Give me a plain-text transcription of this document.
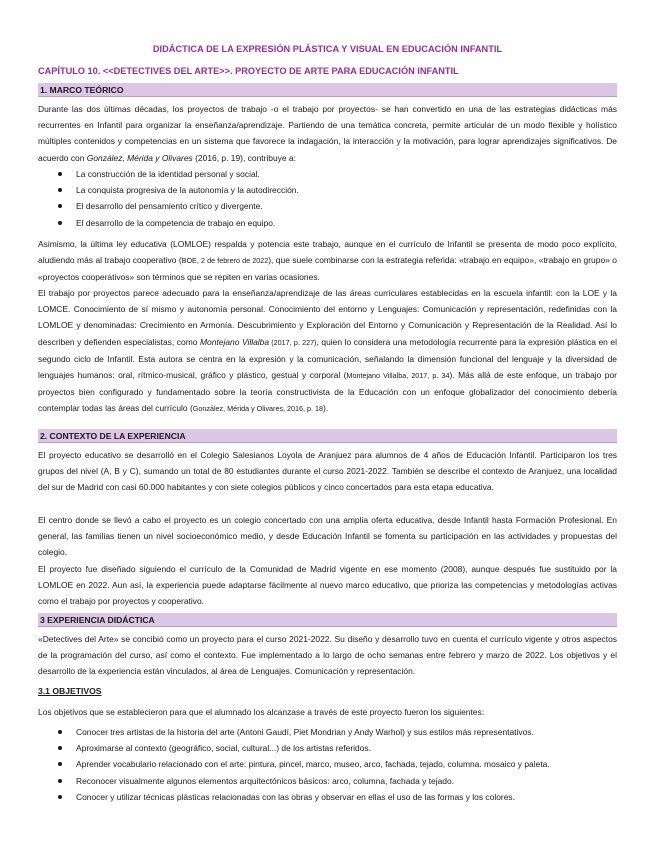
DIDÁCTICA DE LA EXPRESIÓN PLÁSTICA Y VISUAL EN EDUCACIÓN INFANTIL
CAPÍTULO 10. <<DETECTIVES DEL ARTE>>. PROYECTO DE ARTE PARA EDUCACIÓN INFANTIL
1. MARCO TEÓRICO

Durante las dos últimas décadas, los proyectos de trabajo -o el trabajo por proyectos- se han convertido en una de las estrategias didácticas más recurrentes en Infantil para organizar la enseñanza/aprendizaje. Partiendo de una temática concreta, permite articular de un modo flexible y holístico múltiples contenidos y competencias en un sistema que favorece la indagación, la interacción y la motivación, para lograr aprendizajes significativos. De acuerdo con González, Mérida y Olivares (2016, p. 19), contribuye a:

La construcción de la identidad personal y social.
La conquista progresiva de la autonomía y la autodirección.
El desarrollo del pensamiento crítico y divergente.
El desarrollo de la competencia de trabajo en equipo.

Asimismo, la última ley educativa (LOMLOE) respalda y potencia este trabajo, aunque en el currículo de Infantil se presenta de modo poco explícito, aludiendo más al trabajo cooperativo (BOE, 2 de febrero de 2022), que suele combinarse con la estrategia referida: «trabajo en equipo», «trabajo en grupo» o «proyectos cooperativos» son términos que se repiten en varias ocasiones.

El trabajo por proyectos parece adecuado para la enseñanza/aprendizaje de las áreas curriculares establecidas en la escuela infantil: con la LOE y la LOMCE. Conocimiento de sí mismo y autonomía personal. Conocimiento del entorno y Lenguajes: Comunicación y representación, redefinidas con la LOMLOE y denominadas: Crecimiento en Armonía. Descubrimiento y Exploración del Entorno y Comunicación y Representación de la Realidad. Así lo describen y defienden especialistas, como Montejano Villalba (2017, p. 227), quien lo considera una metodología recurrente para la expresión plástica en el segundo ciclo de Infantil. Esta autora se centra en la expresión y la comunicación, señalando la dimensión funcional del lenguaje y la diversidad de lenguajes humanos: oral, rítmico-musical, gráfico y plástico, gestual y corporal (Montejano Villalba, 2017, p. 34). Más allá de este enfoque, un trabajo por proyectos bien configurado y fundamentado sobre la teoría constructivista de la Educación con un enfoque globalizador del conocimiento debería contemplar todas las áreas del currículo (González, Mérida y Olivares, 2016, p. 18).

2. CONTEXTO DE LA EXPERIENCIA

El proyecto educativo se desarrolló en el Colegio Salesianos Loyola de Aranjuez para alumnos de 4 años de Educación Infantil. Participaron los tres grupos del nivel (A, B y C), sumando un total de 80 estudiantes durante el curso 2021-2022. También se describe el contexto de Aranjuez, una localidad del sur de Madrid con casi 60.000 habitantes y con siete colegios públicos y cinco concertados para esta etapa educativa.

El centro donde se llevó a cabo el proyecto es un colegio concertado con una amplia oferta educativa, desde Infantil hasta Formación Profesional. En general, las familias tienen un nivel socioeconómico medio, y desde Educación Infantil se fomenta su participación en las actividades y propuestas del colegio.

El proyecto fue diseñado siguiendo el currículo de la Comunidad de Madrid vigente en ese momento (2008), aunque después fue sustituido por la LOMLOE en 2022. Aun así, la experiencia puede adaptarse fácilmente al nuevo marco educativo, que prioriza las competencias y metodologías activas como el trabajo por proyectos y cooperativo.

3 EXPERIENCIA DIDÁCTICA

«Detectives del Arte» se concibió como un proyecto para el curso 2021-2022. Su diseño y desarrollo tuvo en cuenta el currículo vigente y otros aspectos de la programación del curso, así como el contexto. Fue implementado a lo largo de ocho semanas entre febrero y marzo de 2022. Los objetivos y el desarrollo de la experiencia están vinculados, al área de Lenguajes. Comunicación y representación.

3.1 OBJETIVOS

Los objetivos que se establecieron para que el alumnado los alcanzase a través de este proyecto fueron los siguientes:

Conocer tres artistas de la historia del arte (Antoni Gaudí, Piet Mondrian y Andy Warhol) y sus estilos más representativos.
Aproximarse al contexto (geográfico, social, cultural...) de los artistas referidos.
Aprender vocabulario relacionado con el arte: pintura, pincel, marco, museo, arco, fachada, tejado, columna. mosaico y paleta.
Reconocer visualmente algunos elementos arquitectónicos básicos: arco, columna, fachada y tejado.
Conocer y utilizar técnicas plásticas relacionadas con las obras y observar en ellas el uso de las formas y los colores.
